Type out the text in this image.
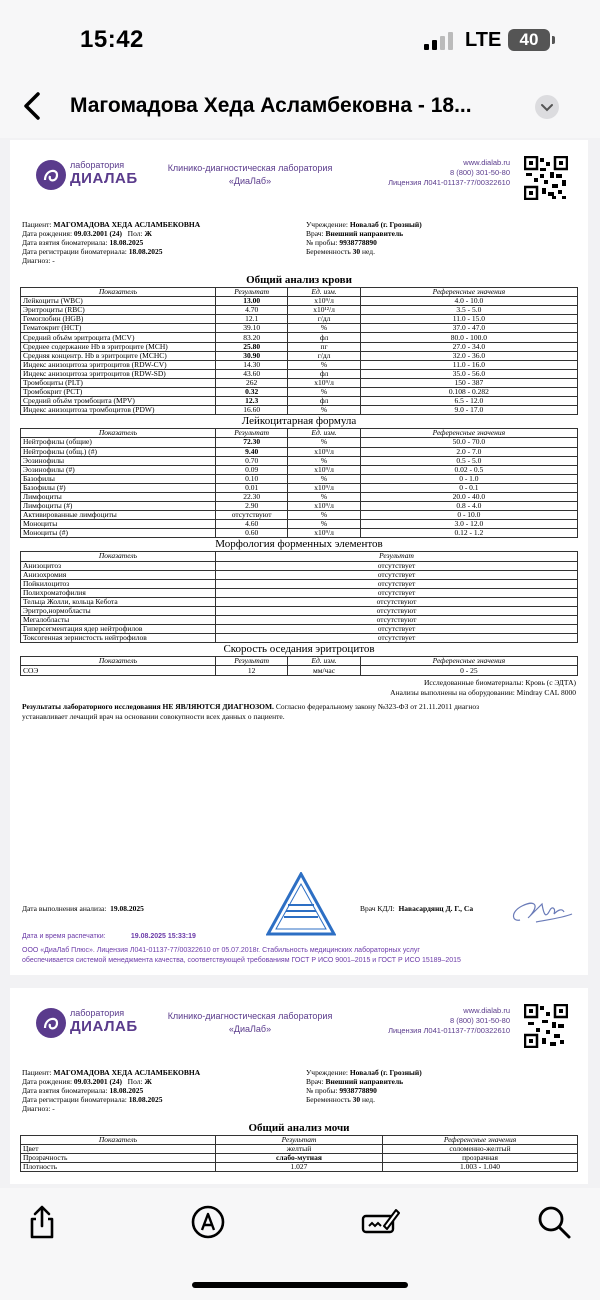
15:42	LTE	40
Магомадова Хеда Асламбековна - 18...
лаборатория
ДИАЛАБ
Клинико-диагностическая лаборатория
«ДиаЛаб»
www.dialab.ru
8 (800) 301-50-80
Лицензия Л041-01137-77/00322610
Пациент: МАГОМАДОВА ХЕДА АСЛАМБЕКОВНА
Дата рождения: 09.03.2001 (24) Пол: Ж
Дата взятия биоматериала: 18.08.2025
Дата регистрации биоматериала: 18.08.2025
Диагноз: -
Учреждение: Новалаб (г. Грозный)
Врач: Внешний направитель
№ пробы: 9938778890
Беременность 30 нед.
Общий анализ крови
Показатель	Результат	Ед. изм.	Референсные значения
Лейкоциты (WBC)	13.00	x10⁹/л	4.0 - 10.0
Эритроциты (RBC)	4.70	x10¹²/л	3.5 - 5.0
Гемоглобин (HGB)	12.1	г/дл	11.0 - 15.0
Гематокрит (НСТ)	39.10	%	37.0 - 47.0
Средний объём эритроцита (MCV)	83.20	фл	80.0 - 100.0
Среднее содержание Hb в эритроците (MCH)	25.80	пг	27.0 - 34.0
Средняя концентр. Hb в эритроците (MCHC)	30.90	г/дл	32.0 - 36.0
Индекс анизоцитоза эритроцитов (RDW-CV)	14.30	%	11.0 - 16.0
Индекс анизоцитоза эритроцитов (RDW-SD)	43.60	фл	35.0 - 56.0
Тромбоциты (PLT)	262	x10⁹/л	150 - 387
Тромбокрит (PCT)	0.32	%	0.108 - 0.282
Средний объём тромбоцита (MPV)	12.3	фл	6.5 - 12.0
Индекс анизоцитоза тромбоцитов (PDW)	16.60	%	9.0 - 17.0
Лейкоцитарная формула
Показатель	Результат	Ед. изм.	Референсные значения
Нейтрофилы (общие)	72.30	%	50.0 - 70.0
Нейтрофилы (общ.) (#)	9.40	x10⁹/л	2.0 - 7.0
Эозинофилы	0.70	%	0.5 - 5.0
Эозинофилы (#)	0.09	x10⁹/л	0.02 - 0.5
Базофилы	0.10	%	0 - 1.0
Базофилы (#)	0.01	x10⁹/л	0 - 0.1
Лимфоциты	22.30	%	20.0 - 40.0
Лимфоциты (#)	2.90	x10⁹/л	0.8 - 4.0
Активированные лимфоциты	отсутствуют	%	0 - 10.0
Моноциты	4.60	%	3.0 - 12.0
Моноциты (#)	0.60	x10⁹/л	0.12 - 1.2
Морфология форменных элементов
Показатель	Результат
Анизоцитоз	отсутствует
Анизохромия	отсутствует
Пойкилоцитоз	отсутствует
Полихроматофилия	отсутствует
Тельца Жолли, кольца Кебота	отсутствуют
Эритро,нормобласты	отсутствуют
Мегалобласты	отсутствуют
Гиперсегментация ядер нейтрофилов	отсутствует
Токсогенная зернистость нейтрофилов	отсутствует
Скорость оседания эритроцитов
Показатель	Результат	Ед. изм.	Референсные значения
СОЭ	12	мм/час	0 - 25
Исследованные биоматериалы: Кровь (с ЭДТА)
Анализы выполнены на оборудовании: Mindray CAL 8000
Результаты лабораторного исследования НЕ ЯВЛЯЮТСЯ ДИАГНОЗОМ. Согласно федеральному закону №323-ФЗ от 21.11.2011 диагноз
устанавливает лечащий врач на основании совокупности всех данных о пациенте.
Дата выполнения анализа: 19.08.2025	Врач КДЛ: Навасардянц Д. Г., Са
Дата и время распечатки:	19.08.2025 15:33:19
ООО «ДиаЛаб Плюс». Лицензия Л041-01137-77/00322610 от 05.07.2018г. Стабильность медицинских лабораторных услуг
обеспечивается системой менеджмента качества, соответствующей требованиям ГОСТ Р ИСО 9001–2015 и ГОСТ Р ИСО 15189–2015
лаборатория
ДИАЛАБ
Клинико-диагностическая лаборатория
«ДиаЛаб»
www.dialab.ru
8 (800) 301-50-80
Лицензия Л041-01137-77/00322610
Пациент: МАГОМАДОВА ХЕДА АСЛАМБЕКОВНА
Дата рождения: 09.03.2001 (24) Пол: Ж
Дата взятия биоматериала: 18.08.2025
Дата регистрации биоматериала: 18.08.2025
Диагноз: -
Учреждение: Новалаб (г. Грозный)
Врач: Внешний направитель
№ пробы: 9938778890
Беременность 30 нед.
Общий анализ мочи
Показатель	Результат	Референсные значения
Цвет	желтый	соломенно-желтый
Прозрачность	слабо-мутная	прозрачная
Плотность	1.027	1.003 - 1.040
